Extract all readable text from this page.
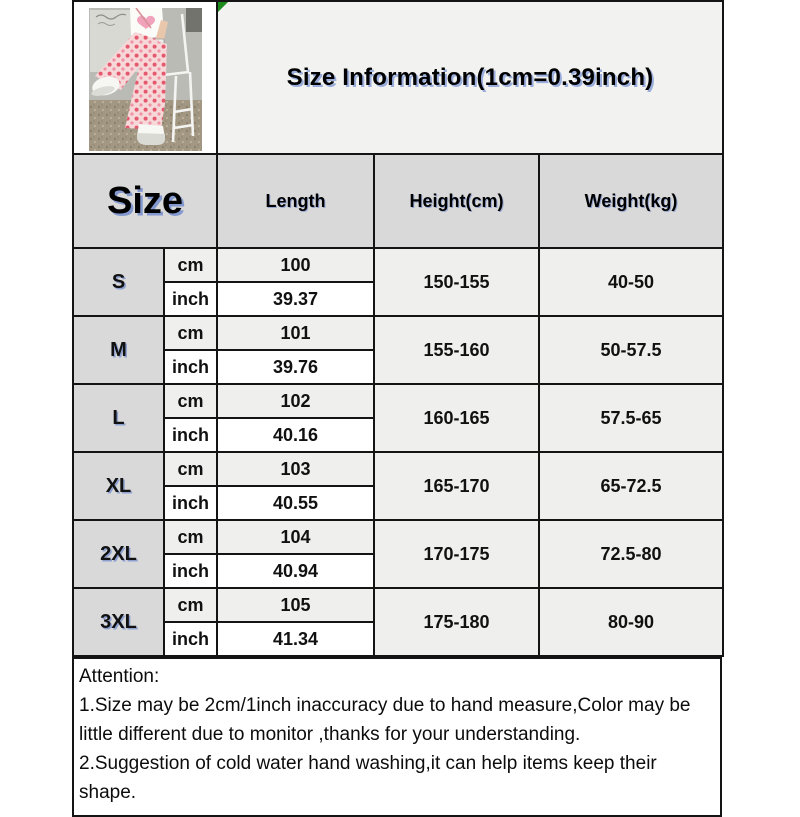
Size Information(1cm=0.39inch)		
Size		Length	Height(cm)	Weight(kg)
S	cm	100	150-155	40-50
	inch	39.37		
M	cm	101	155-160	50-57.5
	inch	39.76		
L	cm	102	160-165	57.5-65
	inch	40.16		
XL	cm	103	165-170	65-72.5
	inch	40.55		
2XL	cm	104	170-175	72.5-80
	inch	40.94		
3XL	cm	105	175-180	80-90
	inch	41.34		

Attention:

1.Size may be 2cm/1inch inaccuracy due to hand measure,Color may be little different due to monitor ,thanks for your understanding.

2.Suggestion of cold water hand washing,it can help items keep their shape.
